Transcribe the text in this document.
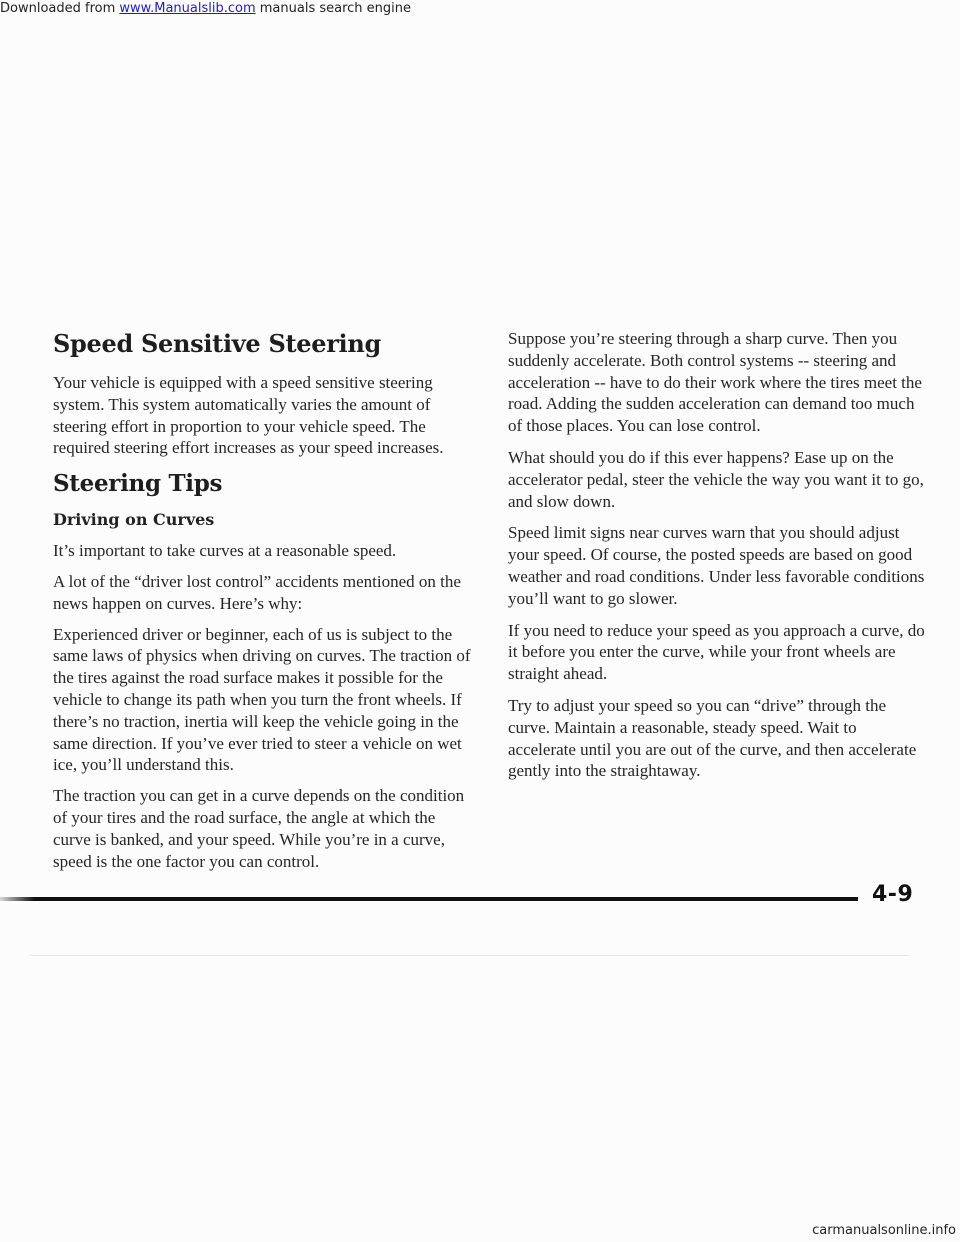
Speed Sensitive Steering

Your vehicle is equipped with a speed sensitive steering system. This system automatically varies the amount of steering effort in proportion to your vehicle speed. The required steering effort increases as your speed increases.

Steering Tips
Driving on Curves

It’s important to take curves at a reasonable speed.

A lot of the “driver lost control” accidents mentioned on the news happen on curves. Here’s why:

Experienced driver or beginner, each of us is subject to the same laws of physics when driving on curves. The traction of the tires against the road surface makes it possible for the vehicle to change its path when you turn the front wheels. If there’s no traction, inertia will keep the vehicle going in the same direction. If you’ve ever tried to steer a vehicle on wet ice, you’ll understand this.

The traction you can get in a curve depends on the condition of your tires and the road surface, the angle at which the curve is banked, and your speed. While you’re in a curve, speed is the one factor you can control.

Suppose you’re steering through a sharp curve. Then you suddenly accelerate. Both control systems -- steering and acceleration -- have to do their work where the tires meet the road. Adding the sudden acceleration can demand too much of those places. You can lose control.

What should you do if this ever happens? Ease up on the accelerator pedal, steer the vehicle the way you want it to go, and slow down.

Speed limit signs near curves warn that you should adjust your speed. Of course, the posted speeds are based on good weather and road conditions. Under less favorable conditions you’ll want to go slower.

If you need to reduce your speed as you approach a curve, do it before you enter the curve, while your front wheels are straight ahead.

Try to adjust your speed so you can “drive” through the curve. Maintain a reasonable, steady speed. Wait to accelerate until you are out of the curve, and then accelerate gently into the straightaway.

4-9
Downloaded from www.Manualslib.com manuals search engine
carmanualsonline.info
